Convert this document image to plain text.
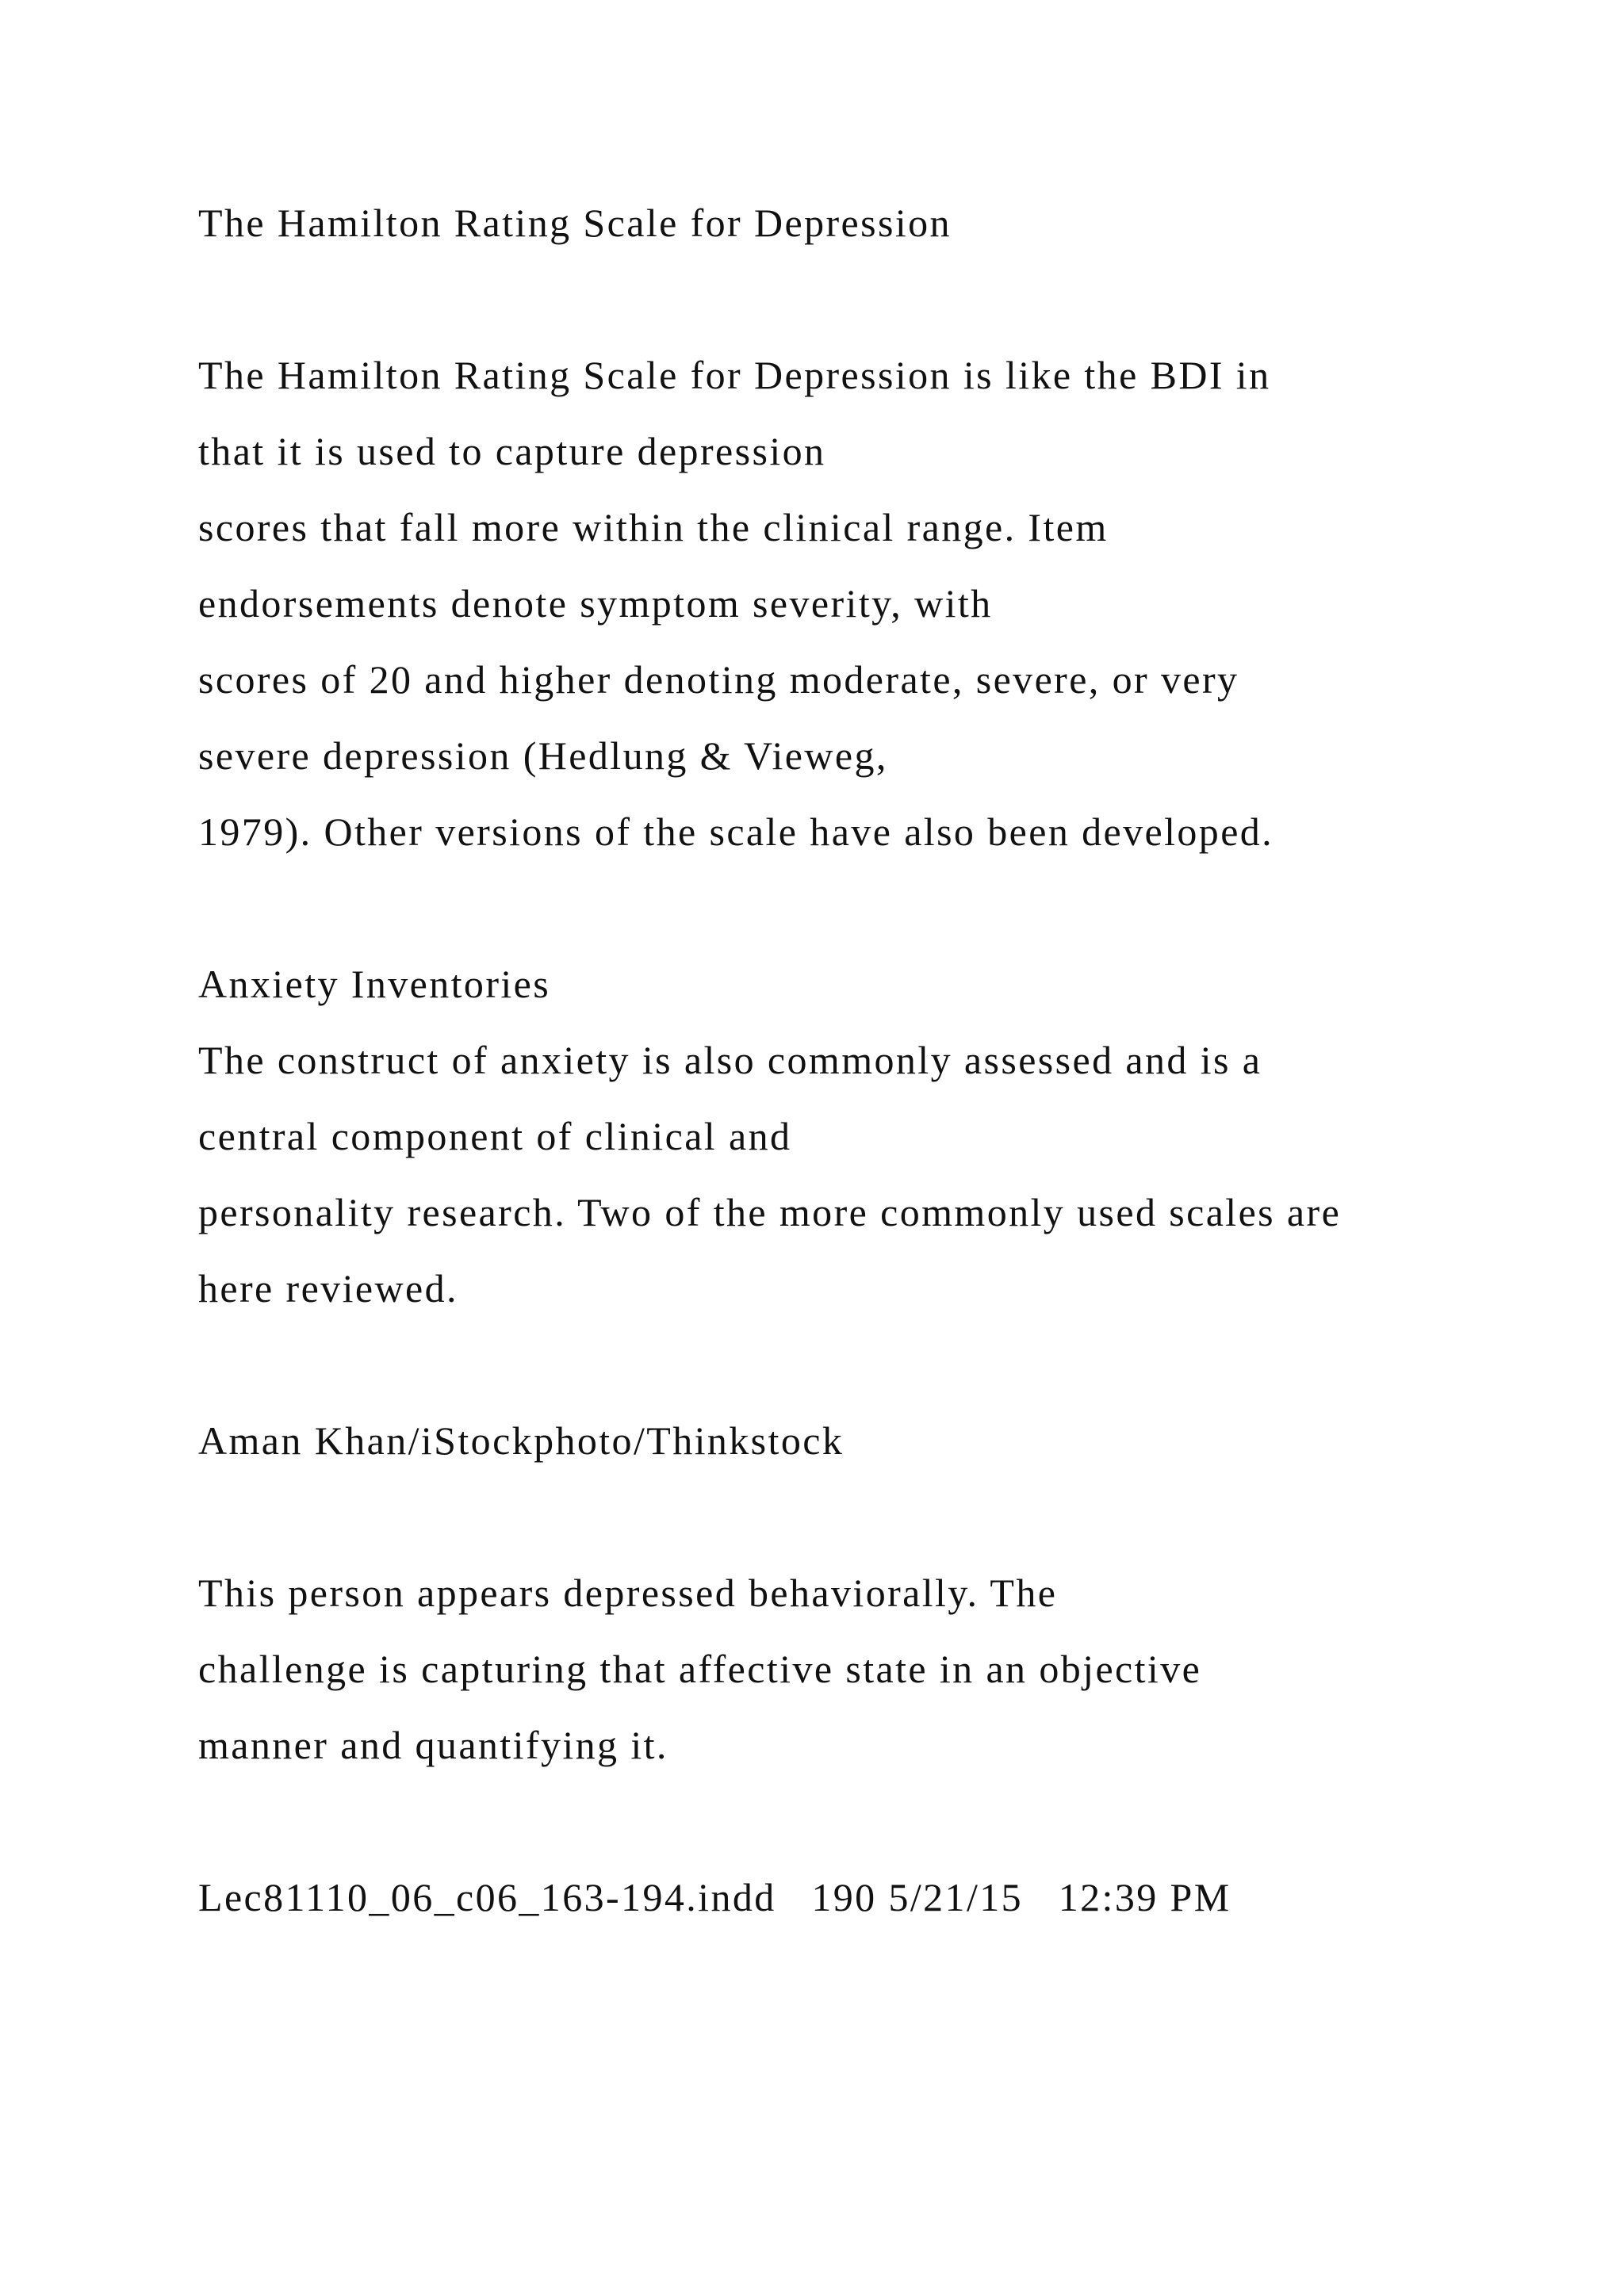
The Hamilton Rating Scale for Depression
The Hamilton Rating Scale for Depression is like the BDI in
that it is used to capture depression
scores that fall more within the clinical range. Item
endorsements denote symptom severity, with
scores of 20 and higher denoting moderate, severe, or very
severe depression (Hedlung & Vieweg,
1979). Other versions of the scale have also been developed.
Anxiety Inventories
The construct of anxiety is also commonly assessed and is a
central component of clinical and
personality research. Two of the more commonly used scales are
here reviewed.
Aman Khan/iStockphoto/Thinkstock
This person appears depressed behaviorally. The
challenge is capturing that affective state in an objective
manner and quantifying it.
Lec81110_06_c06_163-194.indd   190 5/21/15   12:39 PM
